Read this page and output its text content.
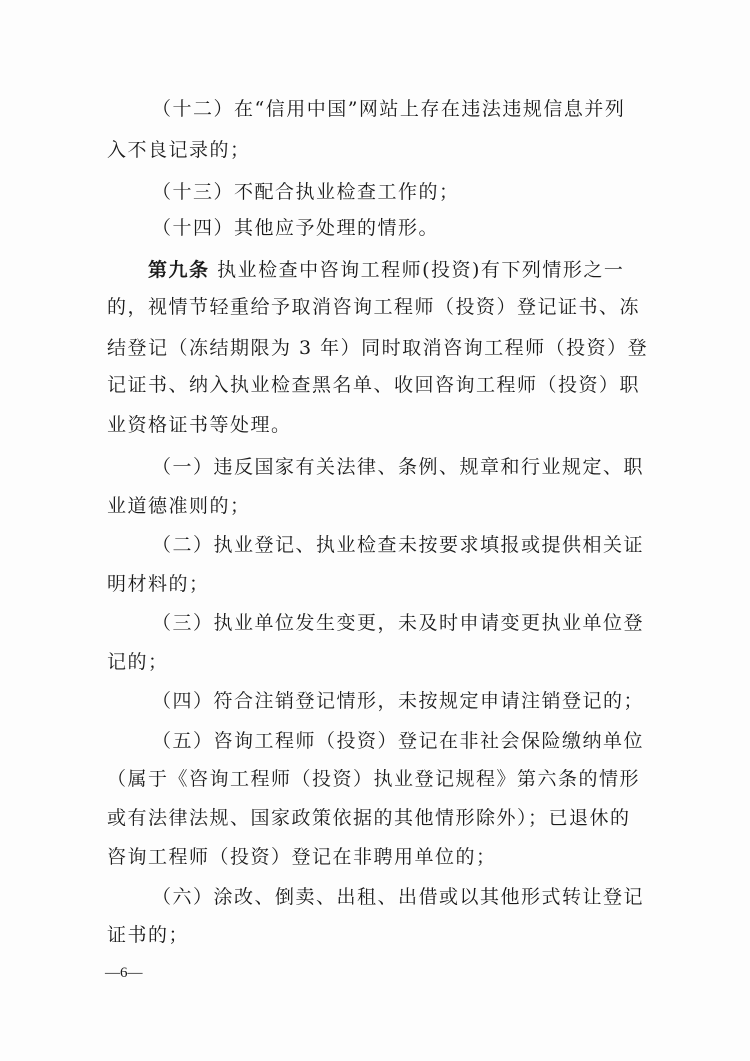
（十二）在“信用中国”网站上存在违法违规信息并列
入不良记录的；
（十三）不配合执业检查工作的；
（十四）其他应予处理的情形。
第九条 执业检查中咨询工程师(投资)有下列情形之一
的，视情节轻重给予取消咨询工程师（投资）登记证书、冻
结登记（冻结期限为 3 年）同时取消咨询工程师（投资）登
记证书、纳入执业检查黑名单、收回咨询工程师（投资）职
业资格证书等处理。
（一）违反国家有关法律、条例、规章和行业规定、职
业道德准则的；
（二）执业登记、执业检查未按要求填报或提供相关证
明材料的；
（三）执业单位发生变更，未及时申请变更执业单位登
记的；
（四）符合注销登记情形，未按规定申请注销登记的；
（五）咨询工程师（投资）登记在非社会保险缴纳单位
（属于《咨询工程师（投资）执业登记规程》第六条的情形
或有法律法规、国家政策依据的其他情形除外）；已退休的
咨询工程师（投资）登记在非聘用单位的；
（六）涂改、倒卖、出租、出借或以其他形式转让登记
证书的；
—6—
